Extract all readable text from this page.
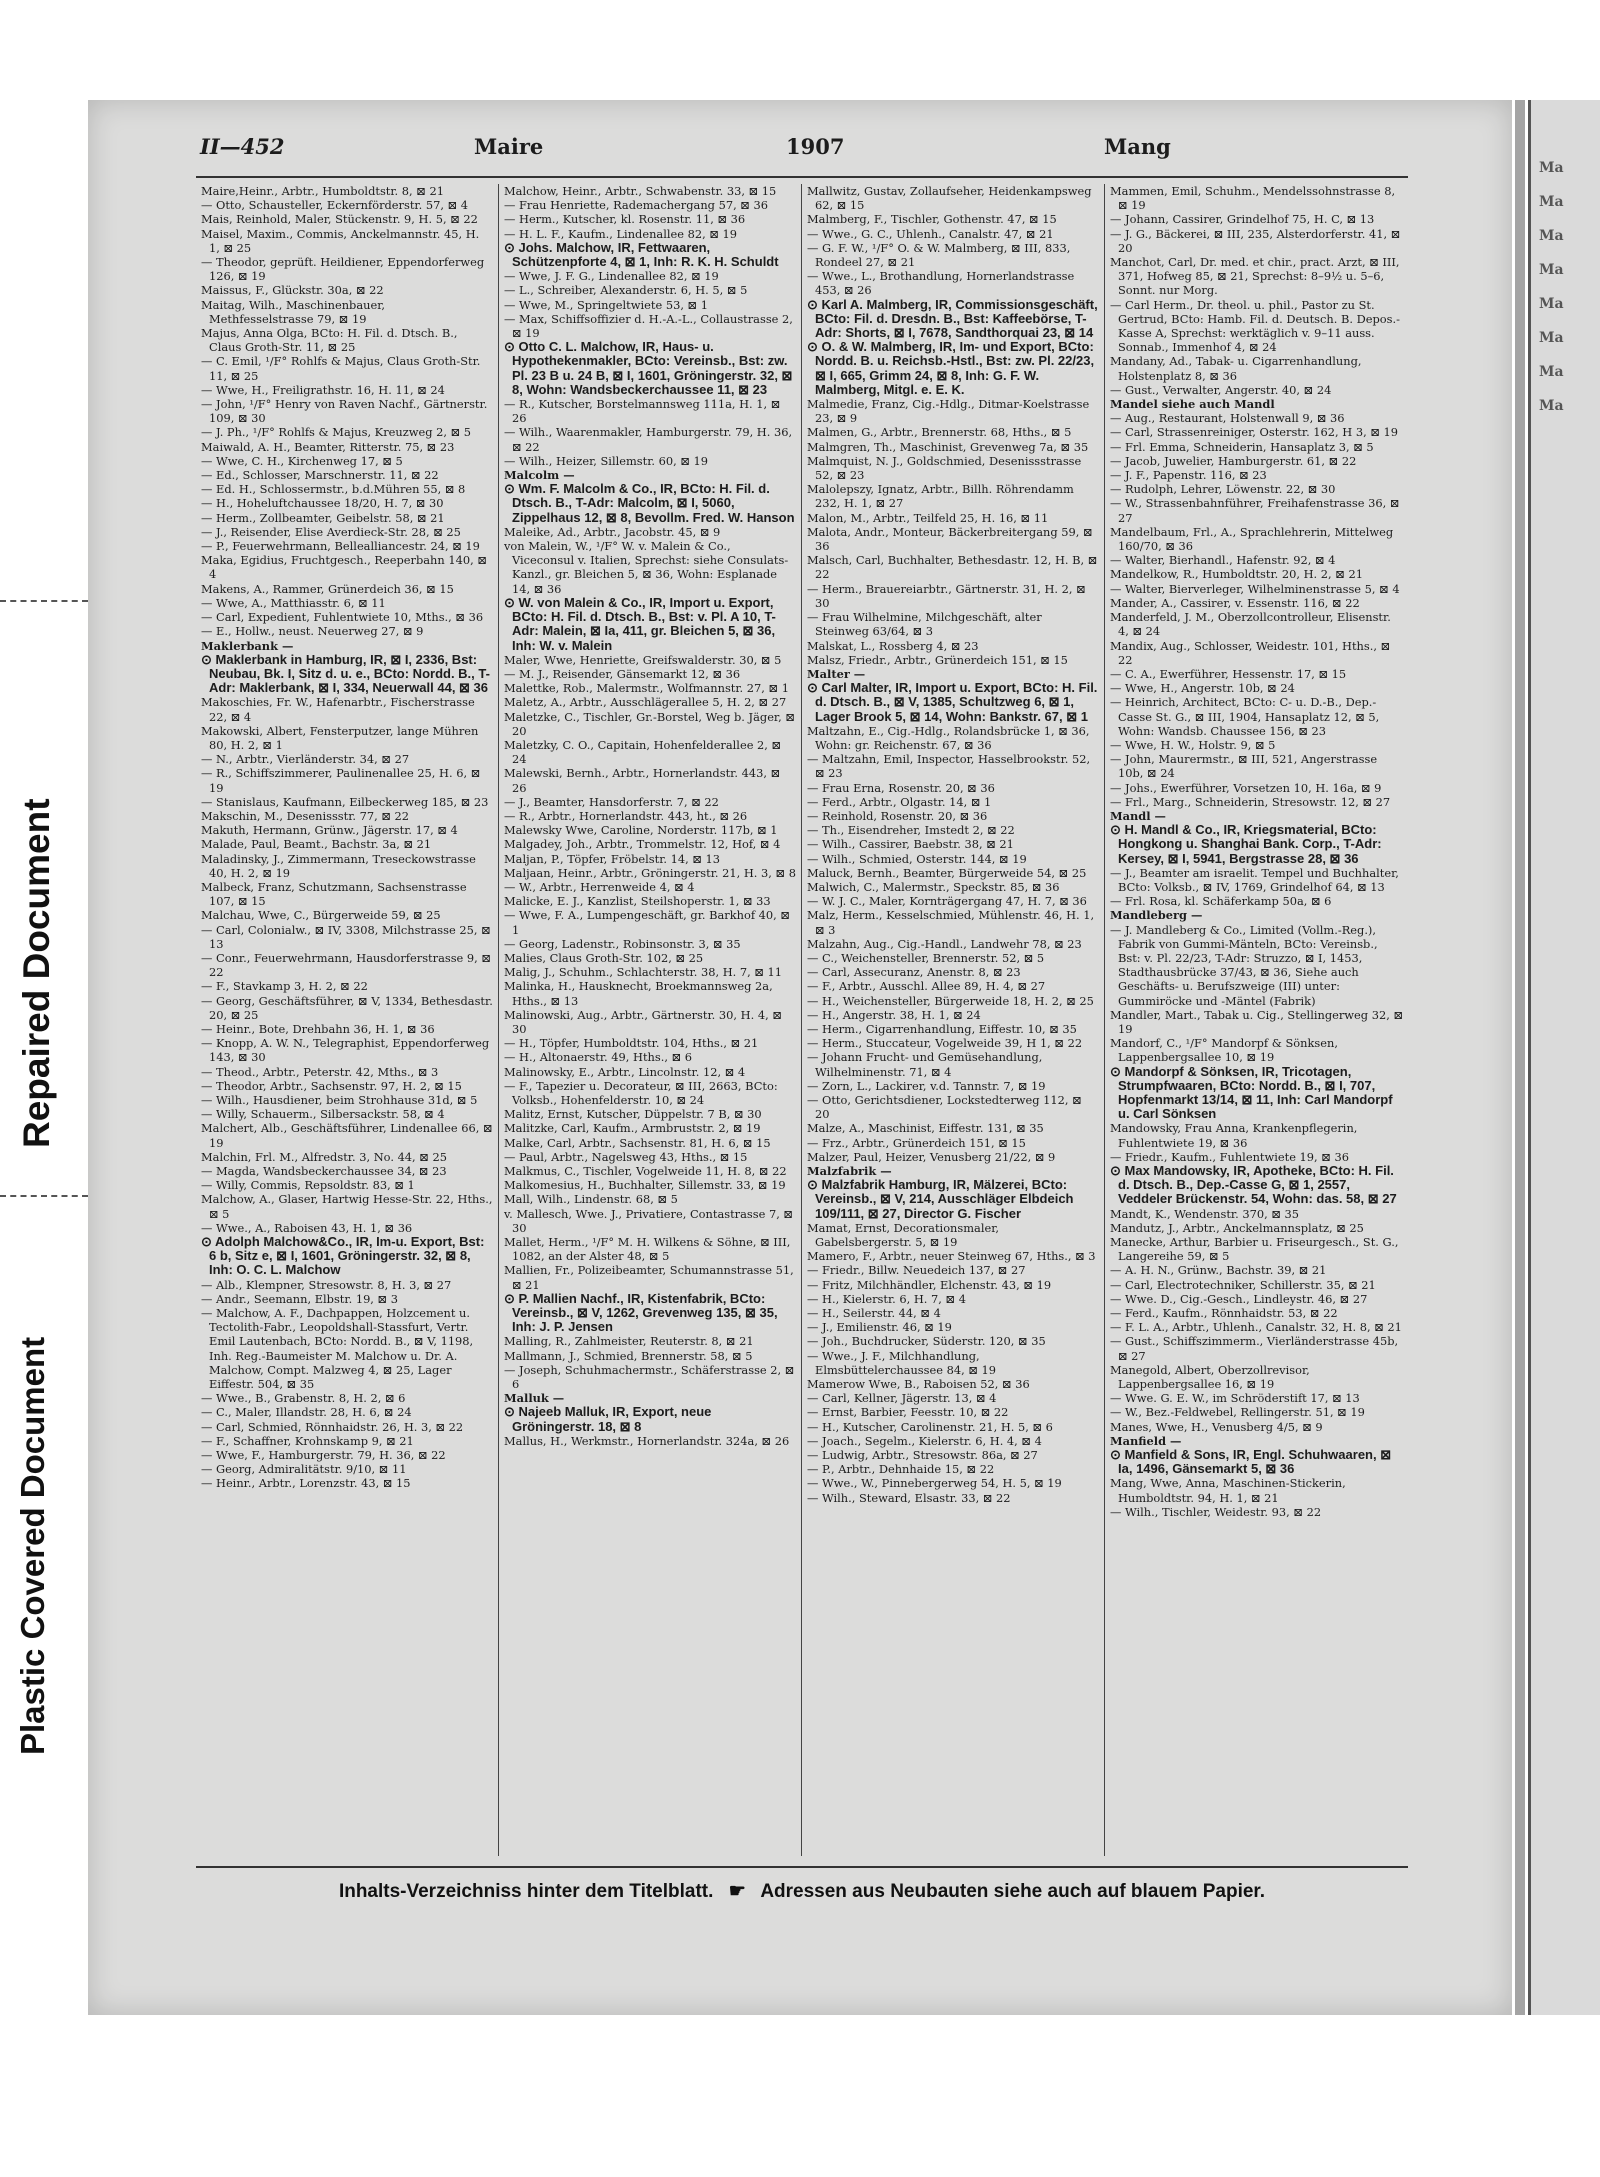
Repaired Document
Plastic Covered Document
Ma
Ma
Ma
Ma
Ma
Ma
Ma
Ma
II—452	Maire	1907	Mang

Maire,Heinr., Arbtr., Humboldtstr. 8, ⊠ 21

— Otto, Schausteller, Eckernförderstr. 57, ⊠ 4

Mais, Reinhold, Maler, Stückenstr. 9, H. 5, ⊠ 22

Maisel, Maxim., Commis, Anckelmannstr. 45, H. 1, ⊠ 25

— Theodor, geprüft. Heildiener, Eppendorferweg 126, ⊠ 19

Maissus, F., Glückstr. 30a, ⊠ 22

Maitag, Wilh., Maschinenbauer, Methfesselstrasse 79, ⊠ 19

Majus, Anna Olga, BCto: H. Fil. d. Dtsch. B., Claus Groth-Str. 11, ⊠ 25

— C. Emil, ¹/F° Rohlfs & Majus, Claus Groth-Str. 11, ⊠ 25

— Wwe, H., Freiligrathstr. 16, H. 11, ⊠ 24

— John, ¹/F° Henry von Raven Nachf., Gärtnerstr. 109, ⊠ 30

— J. Ph., ¹/F° Rohlfs & Majus, Kreuzweg 2, ⊠ 5

Maiwald, A. H., Beamter, Ritterstr. 75, ⊠ 23

— Wwe, C. H., Kirchenweg 17, ⊠ 5

— Ed., Schlosser, Marschnerstr. 11, ⊠ 22

— Ed. H., Schlossermstr., b.d.Mühren 55, ⊠ 8

— H., Hoheluftchaussee 18/20, H. 7, ⊠ 30

— Herm., Zollbeamter, Geibelstr. 58, ⊠ 21

— J., Reisender, Elise Averdieck-Str. 28, ⊠ 25

— P., Feuerwehrmann, Bellealliancestr. 24, ⊠ 19

Maka, Egidius, Fruchtgesch., Reeperbahn 140, ⊠ 4

Makens, A., Rammer, Grünerdeich 36, ⊠ 15

— Wwe, A., Matthiasstr. 6, ⊠ 11

— Carl, Expedient, Fuhlentwiete 10, Mths., ⊠ 36

— E., Hollw., neust. Neuerweg 27, ⊠ 9

Maklerbank —

⊙ Maklerbank in Hamburg, IR, ⊠ I, 2336, Bst: Neubau, Bk. I, Sitz d. u. e., BCto: Nordd. B., T-Adr: Maklerbank, ⊠ I, 334, Neuerwall 44, ⊠ 36

Makoschies, Fr. W., Hafenarbtr., Fischerstrasse 22, ⊠ 4

Makowski, Albert, Fensterputzer, lange Mühren 80, H. 2, ⊠ 1

— N., Arbtr., Vierländerstr. 34, ⊠ 27

— R., Schiffszimmerer, Paulinenallee 25, H. 6, ⊠ 19

— Stanislaus, Kaufmann, Eilbeckerweg 185, ⊠ 23

Makschin, M., Desenissstr. 77, ⊠ 22

Makuth, Hermann, Grünw., Jägerstr. 17, ⊠ 4

Malade, Paul, Beamt., Bachstr. 3a, ⊠ 21

Maladinsky, J., Zimmermann, Treseckowstrasse 40, H. 2, ⊠ 19

Malbeck, Franz, Schutzmann, Sachsenstrasse 107, ⊠ 15

Malchau, Wwe, C., Bürgerweide 59, ⊠ 25

— Carl, Colonialw., ⊠ IV, 3308, Milchstrasse 25, ⊠ 13

— Conr., Feuerwehrmann, Hausdorferstrasse 9, ⊠ 22

— F., Stavkamp 3, H. 2, ⊠ 22

— Georg, Geschäftsführer, ⊠ V, 1334, Bethesdastr. 20, ⊠ 25

— Heinr., Bote, Drehbahn 36, H. 1, ⊠ 36

— Knopp, A. W. N., Telegraphist, Eppendorferweg 143, ⊠ 30

— Theod., Arbtr., Peterstr. 42, Mths., ⊠ 3

— Theodor, Arbtr., Sachsenstr. 97, H. 2, ⊠ 15

— Wilh., Hausdiener, beim Strohhause 31d, ⊠ 5

— Willy, Schauerm., Silbersackstr. 58, ⊠ 4

Malchert, Alb., Geschäftsführer, Lindenallee 66, ⊠ 19

Malchin, Frl. M., Alfredstr. 3, No. 44, ⊠ 25

— Magda, Wandsbeckerchaussee 34, ⊠ 23

— Willy, Commis, Repsoldstr. 83, ⊠ 1

Malchow, A., Glaser, Hartwig Hesse-Str. 22, Hths., ⊠ 5

— Wwe., A., Raboisen 43, H. 1, ⊠ 36

⊙ Adolph Malchow&Co., IR, Im-u. Export, Bst: 6 b, Sitz e, ⊠ I, 1601, Gröningerstr. 32, ⊠ 8, Inh: O. C. L. Malchow

— Alb., Klempner, Stresowstr. 8, H. 3, ⊠ 27

— Andr., Seemann, Elbstr. 19, ⊠ 3

— Malchow, A. F., Dachpappen, Holzcement u. Tectolith-Fabr., Leopoldshall-Stassfurt, Vertr. Emil Lautenbach, BCto: Nordd. B., ⊠ V, 1198, Inh. Reg.-Baumeister M. Malchow u. Dr. A. Malchow, Compt. Malzweg 4, ⊠ 25, Lager Eiffestr. 504, ⊠ 35

— Wwe., B., Grabenstr. 8, H. 2, ⊠ 6

— C., Maler, Illandstr. 28, H. 6, ⊠ 24

— Carl, Schmied, Rönnhaidstr. 26, H. 3, ⊠ 22

— F., Schaffner, Krohnskamp 9, ⊠ 21

— Wwe, F., Hamburgerstr. 79, H. 36, ⊠ 22

— Georg, Admiralitätstr. 9/10, ⊠ 11

— Heinr., Arbtr., Lorenzstr. 43, ⊠ 15

Malchow, Heinr., Arbtr., Schwabenstr. 33, ⊠ 15

— Frau Henriette, Rademachergang 57, ⊠ 36

— Herm., Kutscher, kl. Rosenstr. 11, ⊠ 36

— H. L. F., Kaufm., Lindenallee 82, ⊠ 19

⊙ Johs. Malchow, IR, Fettwaaren, Schützenpforte 4, ⊠ 1, Inh: R. K. H. Schuldt

— Wwe, J. F. G., Lindenallee 82, ⊠ 19

— L., Schreiber, Alexanderstr. 6, H. 5, ⊠ 5

— Wwe, M., Springeltwiete 53, ⊠ 1

— Max, Schiffsoffizier d. H.-A.-L., Collaustrasse 2, ⊠ 19

⊙ Otto C. L. Malchow, IR, Haus- u. Hypothekenmakler, BCto: Vereinsb., Bst: zw. Pl. 23 B u. 24 B, ⊠ I, 1601, Gröningerstr. 32, ⊠ 8, Wohn: Wandsbeckerchaussee 11, ⊠ 23

— R., Kutscher, Borstelmannsweg 111a, H. 1, ⊠ 26

— Wilh., Waarenmakler, Hamburgerstr. 79, H. 36, ⊠ 22

— Wilh., Heizer, Sillemstr. 60, ⊠ 19

Malcolm —

⊙ Wm. F. Malcolm & Co., IR, BCto: H. Fil. d. Dtsch. B., T-Adr: Malcolm, ⊠ I, 5060, Zippelhaus 12, ⊠ 8, Bevollm. Fred. W. Hanson

Maleike, Ad., Arbtr., Jacobstr. 45, ⊠ 9

von Malein, W., ¹/F° W. v. Malein & Co., Viceconsul v. Italien, Sprechst: siehe Consulats-Kanzl., gr. Bleichen 5, ⊠ 36, Wohn: Esplanade 14, ⊠ 36

⊙ W. von Malein & Co., IR, Import u. Export, BCto: H. Fil. d. Dtsch. B., Bst: v. Pl. A 10, T-Adr: Malein, ⊠ Ia, 411, gr. Bleichen 5, ⊠ 36, Inh: W. v. Malein

Maler, Wwe, Henriette, Greifswalderstr. 30, ⊠ 5

— M. J., Reisender, Gänsemarkt 12, ⊠ 36

Malettke, Rob., Malermstr., Wolfmannstr. 27, ⊠ 1

Maletz, A., Arbtr., Ausschlägerallee 5, H. 2, ⊠ 27

Maletzke, C., Tischler, Gr.-Borstel, Weg b. Jäger, ⊠ 20

Maletzky, C. O., Capitain, Hohenfelderallee 2, ⊠ 24

Malewski, Bernh., Arbtr., Hornerlandstr. 443, ⊠ 26

— J., Beamter, Hansdorferstr. 7, ⊠ 22

— R., Arbtr., Hornerlandstr. 443, ht., ⊠ 26

Malewsky Wwe, Caroline, Norderstr. 117b, ⊠ 1

Malgadey, Joh., Arbtr., Trommelstr. 12, Hof, ⊠ 4

Maljan, P., Töpfer, Fröbelstr. 14, ⊠ 13

Maljaan, Heinr., Arbtr., Gröningerstr. 21, H. 3, ⊠ 8

— W., Arbtr., Herrenweide 4, ⊠ 4

Malicke, E. J., Kanzlist, Steilshoperstr. 1, ⊠ 33

— Wwe, F. A., Lumpengeschäft, gr. Barkhof 40, ⊠ 1

— Georg, Ladenstr., Robinsonstr. 3, ⊠ 35

Malies, Claus Groth-Str. 102, ⊠ 25

Malig, J., Schuhm., Schlachterstr. 38, H. 7, ⊠ 11

Malinka, H., Hausknecht, Broekmannsweg 2a, Hths., ⊠ 13

Malinowski, Aug., Arbtr., Gärtnerstr. 30, H. 4, ⊠ 30

— H., Töpfer, Humboldtstr. 104, Hths., ⊠ 21

— H., Altonaerstr. 49, Hths., ⊠ 6

Malinowsky, E., Arbtr., Lincolnstr. 12, ⊠ 4

— F., Tapezier u. Decorateur, ⊠ III, 2663, BCto: Volksb., Hohenfelderstr. 10, ⊠ 24

Malitz, Ernst, Kutscher, Düppelstr. 7 B, ⊠ 30

Malitzke, Carl, Kaufm., Armbruststr. 2, ⊠ 19

Malke, Carl, Arbtr., Sachsenstr. 81, H. 6, ⊠ 15

— Paul, Arbtr., Nagelsweg 43, Hths., ⊠ 15

Malkmus, C., Tischler, Vogelweide 11, H. 8, ⊠ 22

Malkomesius, H., Buchhalter, Sillemstr. 33, ⊠ 19

Mall, Wilh., Lindenstr. 68, ⊠ 5

v. Mallesch, Wwe. J., Privatiere, Contastrasse 7, ⊠ 30

Mallet, Herm., ¹/F° M. H. Wilkens & Söhne, ⊠ III, 1082, an der Alster 48, ⊠ 5

Mallien, Fr., Polizeibeamter, Schumannstrasse 51, ⊠ 21

⊙ P. Mallien Nachf., IR, Kistenfabrik, BCto: Vereinsb., ⊠ V, 1262, Grevenweg 135, ⊠ 35, Inh: J. P. Jensen

Malling, R., Zahlmeister, Reuterstr. 8, ⊠ 21

Mallmann, J., Schmied, Brennerstr. 58, ⊠ 5

— Joseph, Schuhmachermstr., Schäferstrasse 2, ⊠ 6

Malluk —

⊙ Najeeb Malluk, IR, Export, neue Gröningerstr. 18, ⊠ 8

Mallus, H., Werkmstr., Hornerlandstr. 324a, ⊠ 26

Mallwitz, Gustav, Zollaufseher, Heidenkampsweg 62, ⊠ 15

Malmberg, F., Tischler, Gothenstr. 47, ⊠ 15

— Wwe., G. C., Uhlenh., Canalstr. 47, ⊠ 21

— G. F. W., ¹/F° O. & W. Malmberg, ⊠ III, 833, Rondeel 27, ⊠ 21

— Wwe., L., Brothandlung, Hornerlandstrasse 453, ⊠ 26

⊙ Karl A. Malmberg, IR, Commissionsgeschäft, BCto: Fil. d. Dresdn. B., Bst: Kaffeebörse, T-Adr: Shorts, ⊠ I, 7678, Sandthorquai 23, ⊠ 14

⊙ O. & W. Malmberg, IR, Im- und Export, BCto: Nordd. B. u. Reichsb.-Hstl., Bst: zw. Pl. 22/23, ⊠ I, 665, Grimm 24, ⊠ 8, Inh: G. F. W. Malmberg, Mitgl. e. E. K.

Malmedie, Franz, Cig.-Hdlg., Ditmar-Koelstrasse 23, ⊠ 9

Malmen, G., Arbtr., Brennerstr. 68, Hths., ⊠ 5

Malmgren, Th., Maschinist, Grevenweg 7a, ⊠ 35

Malmquist, N. J., Goldschmied, Desenissstrasse 52, ⊠ 23

Malolepszy, Ignatz, Arbtr., Billh. Röhrendamm 232, H. 1, ⊠ 27

Malon, M., Arbtr., Teilfeld 25, H. 16, ⊠ 11

Malota, Andr., Monteur, Bäckerbreitergang 59, ⊠ 36

Malsch, Carl, Buchhalter, Bethesdastr. 12, H. B, ⊠ 22

— Herm., Brauereiarbtr., Gärtnerstr. 31, H. 2, ⊠ 30

— Frau Wilhelmine, Milchgeschäft, alter Steinweg 63/64, ⊠ 3

Malskat, L., Rossberg 4, ⊠ 23

Malsz, Friedr., Arbtr., Grünerdeich 151, ⊠ 15

Malter —

⊙ Carl Malter, IR, Import u. Export, BCto: H. Fil. d. Dtsch. B., ⊠ V, 1385, Schultzweg 6, ⊠ 1, Lager Brook 5, ⊠ 14, Wohn: Bankstr. 67, ⊠ 1

Maltzahn, E., Cig.-Hdlg., Rolandsbrücke 1, ⊠ 36, Wohn: gr. Reichenstr. 67, ⊠ 36

— Maltzahn, Emil, Inspector, Hasselbrookstr. 52, ⊠ 23

— Frau Erna, Rosenstr. 20, ⊠ 36

— Ferd., Arbtr., Olgastr. 14, ⊠ 1

— Reinhold, Rosenstr. 20, ⊠ 36

— Th., Eisendreher, Imstedt 2, ⊠ 22

— Wilh., Cassirer, Baebstr. 38, ⊠ 21

— Wilh., Schmied, Osterstr. 144, ⊠ 19

Maluck, Bernh., Beamter, Bürgerweide 54, ⊠ 25

Malwich, C., Malermstr., Speckstr. 85, ⊠ 36

— W. J. C., Maler, Kornträgergang 47, H. 7, ⊠ 36

Malz, Herm., Kesselschmied, Mühlenstr. 46, H. 1, ⊠ 3

Malzahn, Aug., Cig.-Handl., Landwehr 78, ⊠ 23

— C., Weichensteller, Brennerstr. 52, ⊠ 5

— Carl, Assecuranz, Anenstr. 8, ⊠ 23

— F., Arbtr., Ausschl. Allee 89, H. 4, ⊠ 27

— H., Weichensteller, Bürgerweide 18, H. 2, ⊠ 25

— H., Angerstr. 38, H. 1, ⊠ 24

— Herm., Cigarrenhandlung, Eiffestr. 10, ⊠ 35

— Herm., Stuccateur, Vogelweide 39, H 1, ⊠ 22

— Johann Frucht- und Gemüsehandlung, Wilhelminenstr. 71, ⊠ 4

— Zorn, L., Lackirer, v.d. Tannstr. 7, ⊠ 19

— Otto, Gerichtsdiener, Lockstedterweg 112, ⊠ 20

Malze, A., Maschinist, Eiffestr. 131, ⊠ 35

— Frz., Arbtr., Grünerdeich 151, ⊠ 15

Malzer, Paul, Heizer, Venusberg 21/22, ⊠ 9

Malzfabrik —

⊙ Malzfabrik Hamburg, IR, Mälzerei, BCto: Vereinsb., ⊠ V, 214, Ausschläger Elbdeich 109/111, ⊠ 27, Director G. Fischer

Mamat, Ernst, Decorationsmaler, Gabelsbergerstr. 5, ⊠ 19

Mamero, F., Arbtr., neuer Steinweg 67, Hths., ⊠ 3

— Friedr., Billw. Neuedeich 137, ⊠ 27

— Fritz, Milchhändler, Elchenstr. 43, ⊠ 19

— H., Kielerstr. 6, H. 7, ⊠ 4

— H., Seilerstr. 44, ⊠ 4

— J., Emilienstr. 46, ⊠ 19

— Joh., Buchdrucker, Süderstr. 120, ⊠ 35

— Wwe., J. F., Milchhandlung, Elmsbüttelerchaussee 84, ⊠ 19

Mamerow Wwe, B., Raboisen 52, ⊠ 36

— Carl, Kellner, Jägerstr. 13, ⊠ 4

— Ernst, Barbier, Feesstr. 10, ⊠ 22

— H., Kutscher, Carolinenstr. 21, H. 5, ⊠ 6

— Joach., Segelm., Kielerstr. 6, H. 4, ⊠ 4

— Ludwig, Arbtr., Stresowstr. 86a, ⊠ 27

— P., Arbtr., Dehnhaide 15, ⊠ 22

— Wwe., W., Pinnebergerweg 54, H. 5, ⊠ 19

— Wilh., Steward, Elsastr. 33, ⊠ 22

Mammen, Emil, Schuhm., Mendelssohnstrasse 8, ⊠ 19

— Johann, Cassirer, Grindelhof 75, H. C, ⊠ 13

— J. G., Bäckerei, ⊠ III, 235, Alsterdorferstr. 41, ⊠ 20

Manchot, Carl, Dr. med. et chir., pract. Arzt, ⊠ III, 371, Hofweg 85, ⊠ 21, Sprechst: 8–9½ u. 5–6, Sonnt. nur Morg.

— Carl Herm., Dr. theol. u. phil., Pastor zu St. Gertrud, BCto: Hamb. Fil. d. Deutsch. B. Depos.-Kasse A, Sprechst: werktäglich v. 9–11 auss. Sonnab., Immenhof 4, ⊠ 24

Mandany, Ad., Tabak- u. Cigarrenhandlung, Holstenplatz 8, ⊠ 36

— Gust., Verwalter, Angerstr. 40, ⊠ 24

Mandel siehe auch Mandl

— Aug., Restaurant, Holstenwall 9, ⊠ 36

— Carl, Strassenreiniger, Osterstr. 162, H 3, ⊠ 19

— Frl. Emma, Schneiderin, Hansaplatz 3, ⊠ 5

— Jacob, Juwelier, Hamburgerstr. 61, ⊠ 22

— J. F., Papenstr. 116, ⊠ 23

— Rudolph, Lehrer, Löwenstr. 22, ⊠ 30

— W., Strassenbahnführer, Freihafenstrasse 36, ⊠ 27

Mandelbaum, Frl., A., Sprachlehrerin, Mittelweg 160/70, ⊠ 36

— Walter, Bierhandl., Hafenstr. 92, ⊠ 4

Mandelkow, R., Humboldtstr. 20, H. 2, ⊠ 21

— Walter, Bierverleger, Wilhelminenstrasse 5, ⊠ 4

Mander, A., Cassirer, v. Essenstr. 116, ⊠ 22

Manderfeld, J. M., Oberzollcontrolleur, Elisenstr. 4, ⊠ 24

Mandix, Aug., Schlosser, Weidestr. 101, Hths., ⊠ 22

— C. A., Ewerführer, Hessenstr. 17, ⊠ 15

— Wwe, H., Angerstr. 10b, ⊠ 24

— Heinrich, Architect, BCto: C- u. D.-B., Dep.-Casse St. G., ⊠ III, 1904, Hansaplatz 12, ⊠ 5, Wohn: Wandsb. Chaussee 156, ⊠ 23

— Wwe, H. W., Holstr. 9, ⊠ 5

— John, Maurermstr., ⊠ III, 521, Angerstrasse 10b, ⊠ 24

— Johs., Ewerführer, Vorsetzen 10, H. 16a, ⊠ 9

— Frl., Marg., Schneiderin, Stresowstr. 12, ⊠ 27

Mandl —

⊙ H. Mandl & Co., IR, Kriegsmaterial, BCto: Hongkong u. Shanghai Bank. Corp., T-Adr: Kersey, ⊠ I, 5941, Bergstrasse 28, ⊠ 36

— J., Beamter am israelit. Tempel und Buchhalter, BCto: Volksb., ⊠ IV, 1769, Grindelhof 64, ⊠ 13

— Frl. Rosa, kl. Schäferkamp 50a, ⊠ 6

Mandleberg —

— J. Mandleberg & Co., Limited (Vollm.-Reg.), Fabrik von Gummi-Mänteln, BCto: Vereinsb., Bst: v. Pl. 22/23, T-Adr: Struzzo, ⊠ I, 1453, Stadthausbrücke 37/43, ⊠ 36, Siehe auch Geschäfts- u. Berufszweige (III) unter: Gummiröcke und -Mäntel (Fabrik)

Mandler, Mart., Tabak u. Cig., Stellingerweg 32, ⊠ 19

Mandorf, C., ¹/F° Mandorpf & Sönksen, Lappenbergsallee 10, ⊠ 19

⊙ Mandorpf & Sönksen, IR, Tricotagen, Strumpfwaaren, BCto: Nordd. B., ⊠ I, 707, Hopfenmarkt 13/14, ⊠ 11, Inh: Carl Mandorpf u. Carl Sönksen

Mandowsky, Frau Anna, Krankenpflegerin, Fuhlentwiete 19, ⊠ 36

— Friedr., Kaufm., Fuhlentwiete 19, ⊠ 36

⊙ Max Mandowsky, IR, Apotheke, BCto: H. Fil. d. Dtsch. B., Dep.-Casse G, ⊠ 1, 2557, Veddeler Brückenstr. 54, Wohn: das. 58, ⊠ 27

Mandt, K., Wendenstr. 370, ⊠ 35

Mandutz, J., Arbtr., Anckelmannsplatz, ⊠ 25

Manecke, Arthur, Barbier u. Friseurgesch., St. G., Langereihe 59, ⊠ 5

— A. H. N., Grünw., Bachstr. 39, ⊠ 21

— Carl, Electrotechniker, Schillerstr. 35, ⊠ 21

— Wwe. D., Cig.-Gesch., Lindleystr. 46, ⊠ 27

— Ferd., Kaufm., Rönnhaidstr. 53, ⊠ 22

— F. L. A., Arbtr., Uhlenh., Canalstr. 32, H. 8, ⊠ 21

— Gust., Schiffszimmerm., Vierländerstrasse 45b, ⊠ 27

Manegold, Albert, Oberzollrevisor, Lappenbergsallee 16, ⊠ 19

— Wwe. G. E. W., im Schröderstift 17, ⊠ 13

— W., Bez.-Feldwebel, Rellingerstr. 51, ⊠ 19

Manes, Wwe, H., Venusberg 4/5, ⊠ 9

Manfield —

⊙ Manfield & Sons, IR, Engl. Schuhwaaren, ⊠ Ia, 1496, Gänsemarkt 5, ⊠ 36

Mang, Wwe, Anna, Maschinen-Stickerin, Humboldtstr. 94, H. 1, ⊠ 21

— Wilh., Tischler, Weidestr. 93, ⊠ 22

Inhalts-Verzeichniss hinter dem Titelblatt. ☛ Adressen aus Neubauten siehe auch auf blauem Papier.
